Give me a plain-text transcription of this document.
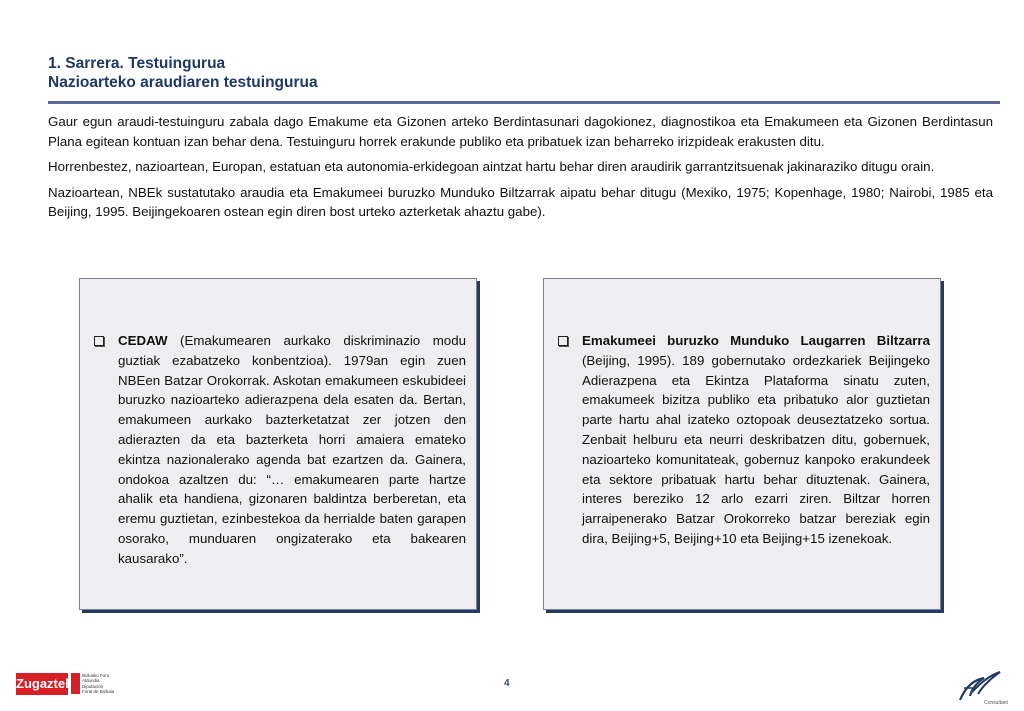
1. Sarrera. Testuinguruа
Nazioarteko araudiaren testuingurua

Gaur egun araudi-testuinguru zabala dago Emakume eta Gizonen arteko Berdintasunari dagokionez, diagnostikoa eta Emakumeen eta Gizonen Berdintasun Plana egitean kontuan izan behar dena. Testuinguru horrek erakunde publiko eta pribatuek izan beharreko irizpideak erakusten ditu.

Horrenbestez, nazioartean, Europan, estatuan eta autonomia-erkidegoan aintzat hartu behar diren araudirik garrantzitsuenak jakinaraziko ditugu orain.

Nazioartean, NBEk sustatutako araudia eta Emakumeei buruzko Munduko Biltzarrak aipatu behar ditugu (Mexiko, 1975; Kopenhage, 1980; Nairobi, 1985 eta Beijing, 1995. Beijingekoaren ostean egin diren bost urteko azterketak ahaztu gabe).

CEDAW (Emakumearen aurkako diskriminazio modu guztiak ezabatzeko konbentzioa). 1979an egin zuen NBEen Batzar Orokorrak. Askotan emakumeen eskubideei buruzko nazioarteko adierazpena dela esaten da. Bertan, emakumeen aurkako bazterketatzat zer jotzen den adierazten da eta bazterketa horri amaiera emateko ekintza nazionalerako agenda bat ezartzen da. Gainera, ondokoa azaltzen du: “… emakumearen parte hartze ahalik eta handiena, gizonaren baldintza berberetan, eta eremu guztietan, ezinbestekoa da herrialde baten garapen osorako, munduaren ongizaterako eta bakearen kausarako”.
Emakumeei buruzko Munduko Laugarren Biltzarra (Beijing, 1995). 189 gobernutako ordezkariek Beijingeko Adierazpena eta Ekintza Plataforma sinatu zuten, emakumeek bizitza publiko eta pribatuko alor guztietan parte hartu ahal izateko oztopoak deuseztatzeko sortua. Zenbait helburu eta neurri deskribatzen ditu, gobernuek, nazioarteko komunitateak, gobernuz kanpoko erakundeek eta sektore pribatuak hartu behar dituztenak. Gainera, interes bereziko 12 arlo ezarri ziren. Biltzar horren jarraipenerako Batzar Orokorreko batzar bereziak egin dira, Beijing+5, Beijing+10 eta Beijing+15 izenekoak.
Zugaztel
Bizkaiko Foru
Aldundia
Diputación
Foral de Bizkaia
4
Consultants
